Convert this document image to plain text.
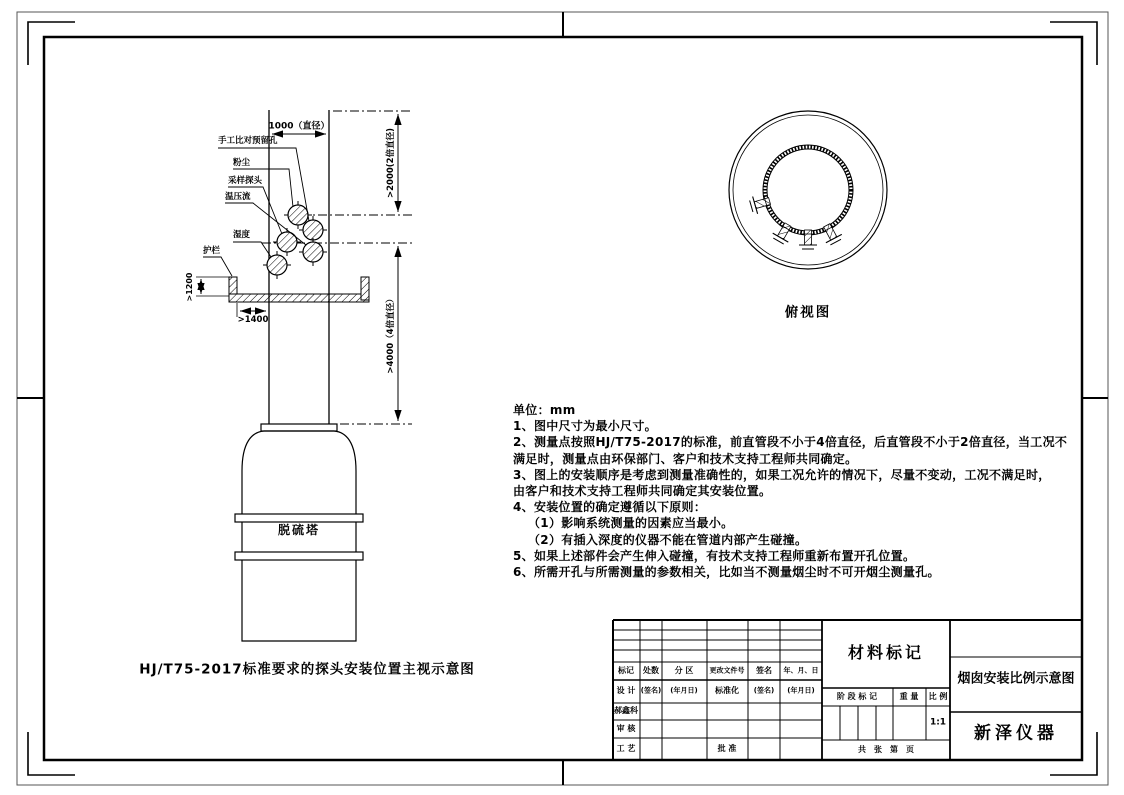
1000（直径）
>2000(2倍直径)
>4000（4倍直径）
>1200
>1400
手工比对预留孔
粉尘
采样探头
温压流
湿度
护栏
脱硫塔
HJ/T75-2017标准要求的探头安装位置主视示意图
俯视图
单位：mm
1、图中尺寸为最小尺寸。
2、测量点按照HJ/T75-2017的标准，前直管段不小于4倍直径，后直管段不小于2倍直径，当工况不
满足时，测量点由环保部门、客户和技术支持工程师共同确定。
3、图上的安装顺序是考虑到测量准确性的，如果工况允许的情况下，尽量不变动，工况不满足时，
由客户和技术支持工程师共同确定其安装位置。
4、安装位置的确定遵循以下原则：
（1）影响系统测量的因素应当最小。
（2）有插入深度的仪器不能在管道内部产生碰撞。
5、如果上述部件会产生伸入碰撞，有技术支持工程师重新布置开孔位置。
6、所需开孔与所需测量的参数相关，比如当不测量烟尘时不可开烟尘测量孔。
材料标记
烟囱安装比例示意图
新泽仪器
标记 处数 分 区 更改文件号 签名 年、月、日
设 计 (签名) (年月日) 标准化 (签名) (年月日)
郝鑫科
审 核
工 艺	批 准
阶 段 标 记	重 量 比 例
1:1
共　张　第　页
